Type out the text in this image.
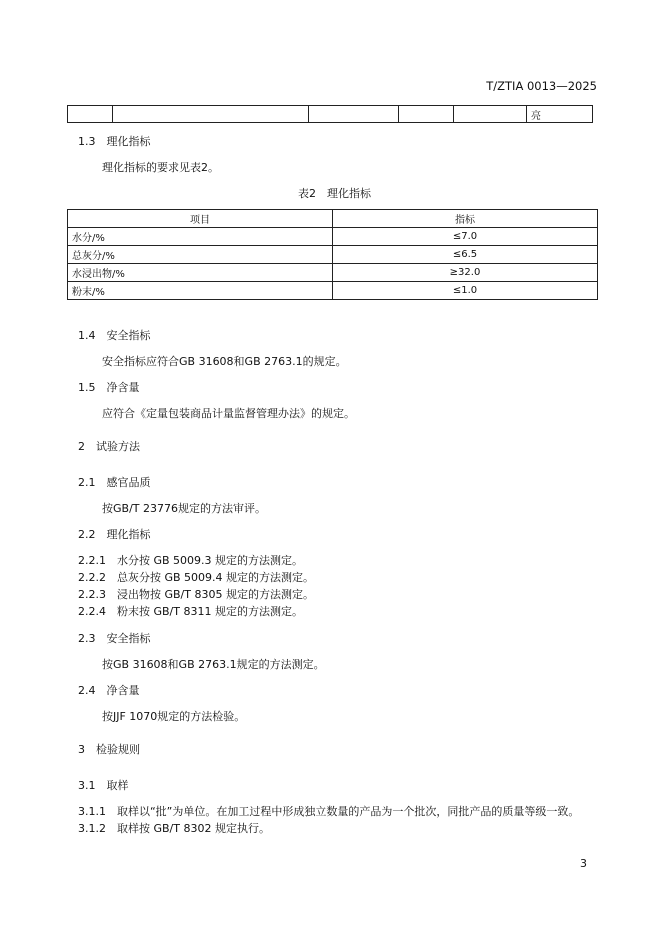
T/ZTIA 0013—2025
					亮
1.3　理化指标
理化指标的要求见表2。
表2　理化指标
项目	指标
水分/%	≤7.0
总灰分/%	≤6.5
水浸出物/%	≥32.0
粉末/%	≤1.0
1.4　安全指标
安全指标应符合GB 31608和GB 2763.1的规定。
1.5　净含量
应符合《定量包装商品计量监督管理办法》的规定。
2　试验方法
2.1　感官品质
按GB/T 23776规定的方法审评。
2.2　理化指标
2.2.1　水分按 GB 5009.3 规定的方法测定。
2.2.2　总灰分按 GB 5009.4 规定的方法测定。
2.2.3　浸出物按 GB/T 8305 规定的方法测定。
2.2.4　粉末按 GB/T 8311 规定的方法测定。
2.3　安全指标
按GB 31608和GB 2763.1规定的方法测定。
2.4　净含量
按JJF 1070规定的方法检验。
3　检验规则
3.1　取样
3.1.1　取样以“批”为单位。在加工过程中形成独立数量的产品为一个批次，同批产品的质量等级一致。
3.1.2　取样按 GB/T 8302 规定执行。
3
